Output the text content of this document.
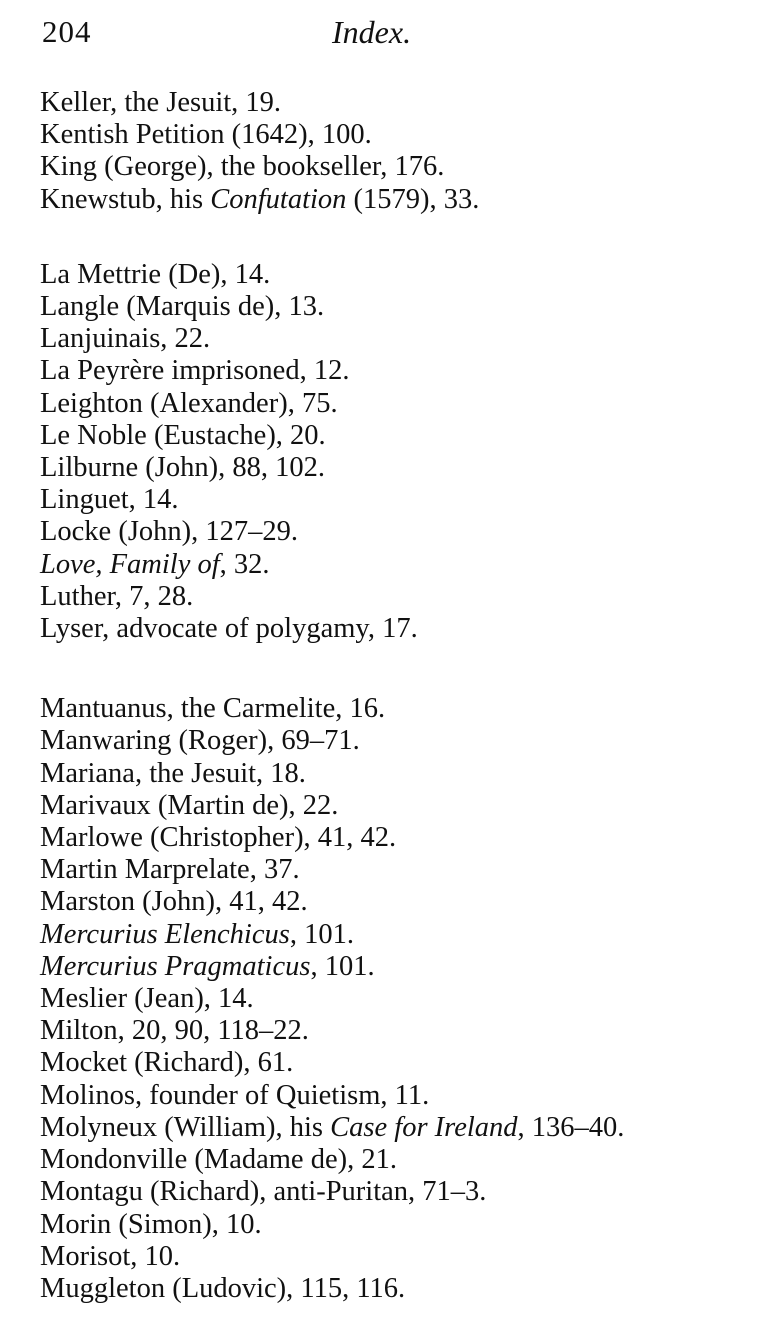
204	Index.
Keller, the Jesuit, 19.
Kentish Petition (1642), 100.
King (George), the bookseller, 176.
Knewstub, his Confutation (1579), 33.
La Mettrie (De), 14.
Langle (Marquis de), 13.
Lanjuinais, 22.
La Peyrère imprisoned, 12.
Leighton (Alexander), 75.
Le Noble (Eustache), 20.
Lilburne (John), 88, 102.
Linguet, 14.
Locke (John), 127–29.
Love, Family of, 32.
Luther, 7, 28.
Lyser, advocate of polygamy, 17.
Mantuanus, the Carmelite, 16.
Manwaring (Roger), 69–71.
Mariana, the Jesuit, 18.
Marivaux (Martin de), 22.
Marlowe (Christopher), 41, 42.
Martin Marprelate, 37.
Marston (John), 41, 42.
Mercurius Elenchicus, 101.
Mercurius Pragmaticus, 101.
Meslier (Jean), 14.
Milton, 20, 90, 118–22.
Mocket (Richard), 61.
Molinos, founder of Quietism, 11.
Molyneux (William), his Case for Ireland, 136–40.
Mondonville (Madame de), 21.
Montagu (Richard), anti-Puritan, 71–3.
Morin (Simon), 10.
Morisot, 10.
Muggleton (Ludovic), 115, 116.
